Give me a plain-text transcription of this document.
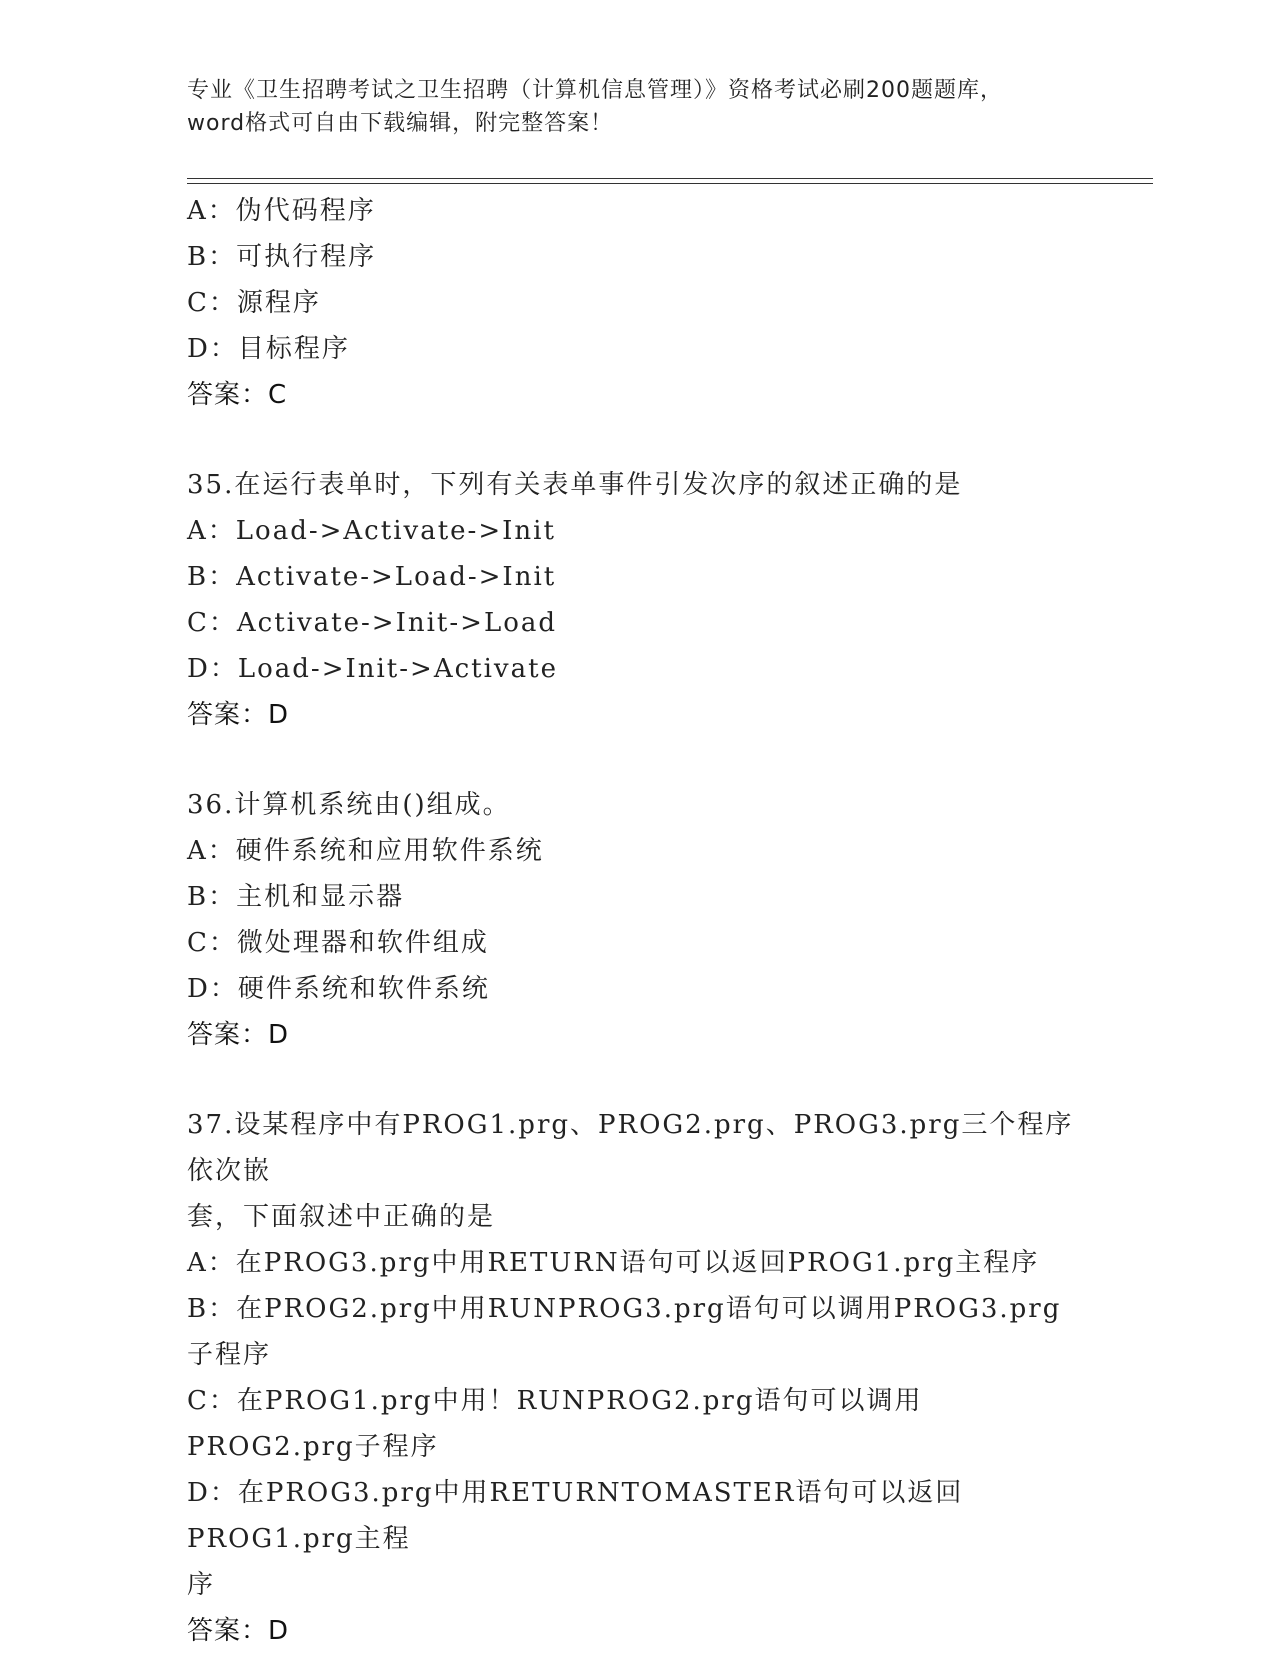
专业《卫生招聘考试之卫生招聘（计算机信息管理）》资格考试必刷200题题库，
word格式可自由下载编辑，附完整答案！
A：伪代码程序
B：可执行程序
C：源程序
D：目标程序
答案：C
35.在运行表单时，下列有关表单事件引发次序的叙述正确的是
A：Load->Activate->Init
B：Activate->Load->Init
C：Activate->Init->Load
D：Load->Init->Activate
答案：D
36.计算机系统由()组成。
A：硬件系统和应用软件系统
B：主机和显示器
C：微处理器和软件组成
D：硬件系统和软件系统
答案：D
37.设某程序中有PROG1.prg、PROG2.prg、PROG3.prg三个程序依次嵌
套，下面叙述中正确的是
A：在PROG3.prg中用RETURN语句可以返回PROG1.prg主程序
B：在PROG2.prg中用RUNPROG3.prg语句可以调用PROG3.prg子程序
C：在PROG1.prg中用！RUNPROG2.prg语句可以调用PROG2.prg子程序
D：在PROG3.prg中用RETURNTOMASTER语句可以返回PROG1.prg主程
序
答案：D
